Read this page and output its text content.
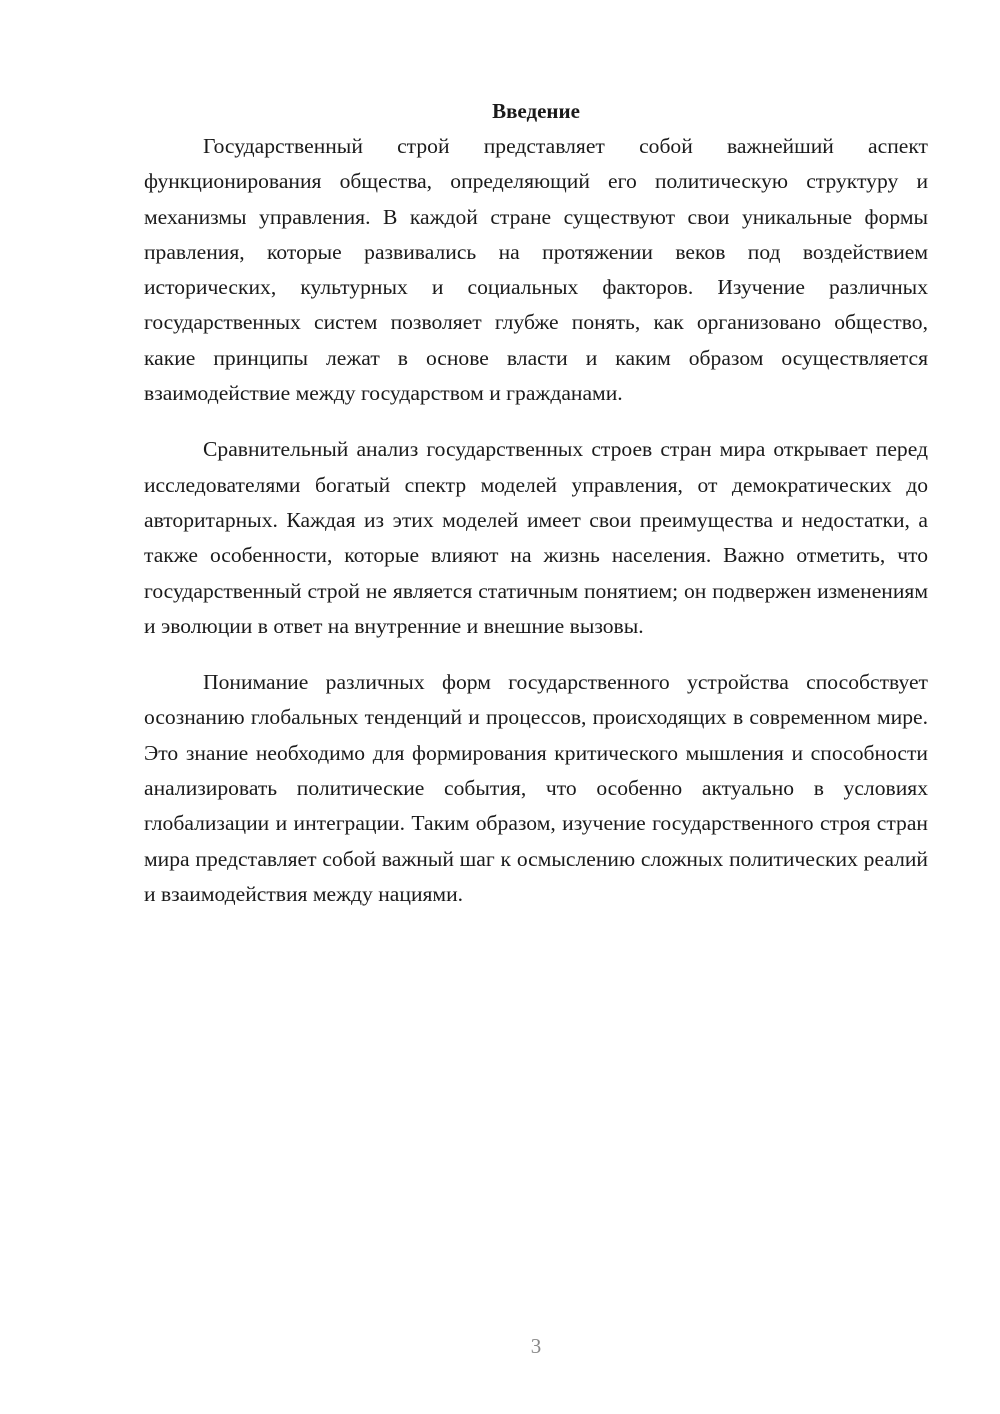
Введение

Государственный строй представляет собой важнейший аспект функционирования общества, определяющий его политическую структуру и механизмы управления. В каждой стране существуют свои уникальные формы правления, которые развивались на протяжении веков под воздействием исторических, культурных и социальных факторов. Изучение различных государственных систем позволяет глубже понять, как организовано общество, какие принципы лежат в основе власти и каким образом осуществляется взаимодействие между государством и гражданами.

Сравнительный анализ государственных строев стран мира открывает перед исследователями богатый спектр моделей управления, от демократических до авторитарных. Каждая из этих моделей имеет свои преимущества и недостатки, а также особенности, которые влияют на жизнь населения. Важно отметить, что государственный строй не является статичным понятием; он подвержен изменениям и эволюции в ответ на внутренние и внешние вызовы.

Понимание различных форм государственного устройства способствует осознанию глобальных тенденций и процессов, происходящих в современном мире. Это знание необходимо для формирования критического мышления и способности анализировать политические события, что особенно актуально в условиях глобализации и интеграции. Таким образом, изучение государственного строя стран мира представляет собой важный шаг к осмыслению сложных политических реалий и взаимодействия между нациями.

3
